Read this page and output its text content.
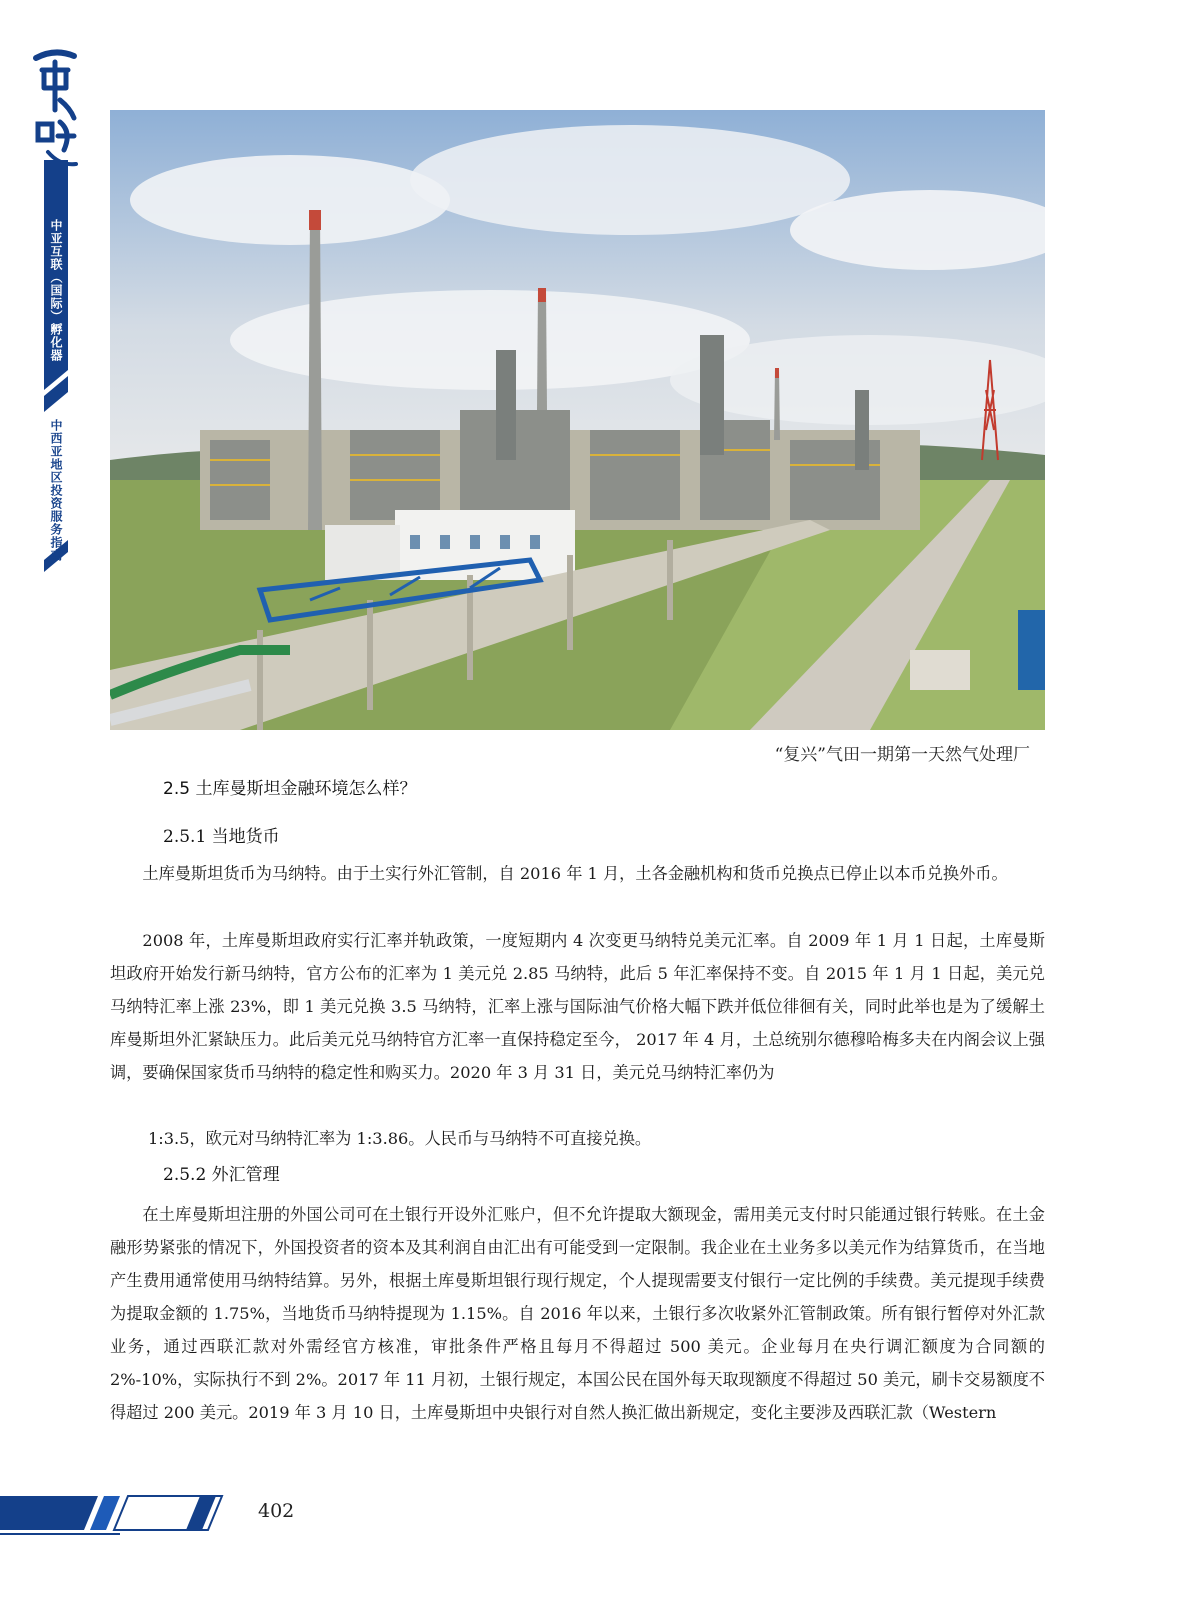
中亚互联（国际）孵化器
中西亚地区投资服务指南
“复兴”气田一期第一天然气处理厂
2.5 土库曼斯坦金融环境怎么样？
2.5.1 当地货币

土库曼斯坦货币为马纳特。由于土实行外汇管制，自 2016 年 1 月，土各金融机构和货币兑换点已停止以本币兑换外币。

2008 年，土库曼斯坦政府实行汇率并轨政策，一度短期内 4 次变更马纳特兑美元汇率。自 2009 年 1 月 1 日起，土库曼斯坦政府开始发行新马纳特，官方公布的汇率为 1 美元兑 2.85 马纳特，此后 5 年汇率保持不变。自 2015 年 1 月 1 日起，美元兑马纳特汇率上涨 23%，即 1 美元兑换 3.5 马纳特，汇率上涨与国际油气价格大幅下跌并低位徘徊有关，同时此举也是为了缓解土库曼斯坦外汇紧缺压力。此后美元兑马纳特官方汇率一直保持稳定至今， 2017 年 4 月，土总统别尔德穆哈梅多夫在内阁会议上强调，要确保国家货币马纳特的稳定性和购买力。2020 年 3 月 31 日，美元兑马纳特汇率仍为

1:3.5，欧元对马纳特汇率为 1:3.86。人民币与马纳特不可直接兑换。

2.5.2 外汇管理

在土库曼斯坦注册的外国公司可在土银行开设外汇账户，但不允许提取大额现金，需用美元支付时只能通过银行转账。在土金融形势紧张的情况下，外国投资者的资本及其利润自由汇出有可能受到一定限制。我企业在土业务多以美元作为结算货币，在当地产生费用通常使用马纳特结算。另外，根据土库曼斯坦银行现行规定，个人提现需要支付银行一定比例的手续费。美元提现手续费为提取金额的 1.75%，当地货币马纳特提现为 1.15%。自 2016 年以来，土银行多次收紧外汇管制政策。所有银行暂停对外汇款业务，通过西联汇款对外需经官方核准，审批条件严格且每月不得超过 500 美元。企业每月在央行调汇额度为合同额的 2%-10%，实际执行不到 2%。2017 年 11 月初，土银行规定，本国公民在国外每天取现额度不得超过 50 美元，刷卡交易额度不得超过 200 美元。2019 年 3 月 10 日，土库曼斯坦中央银行对自然人换汇做出新规定，变化主要涉及西联汇款（Western

402
